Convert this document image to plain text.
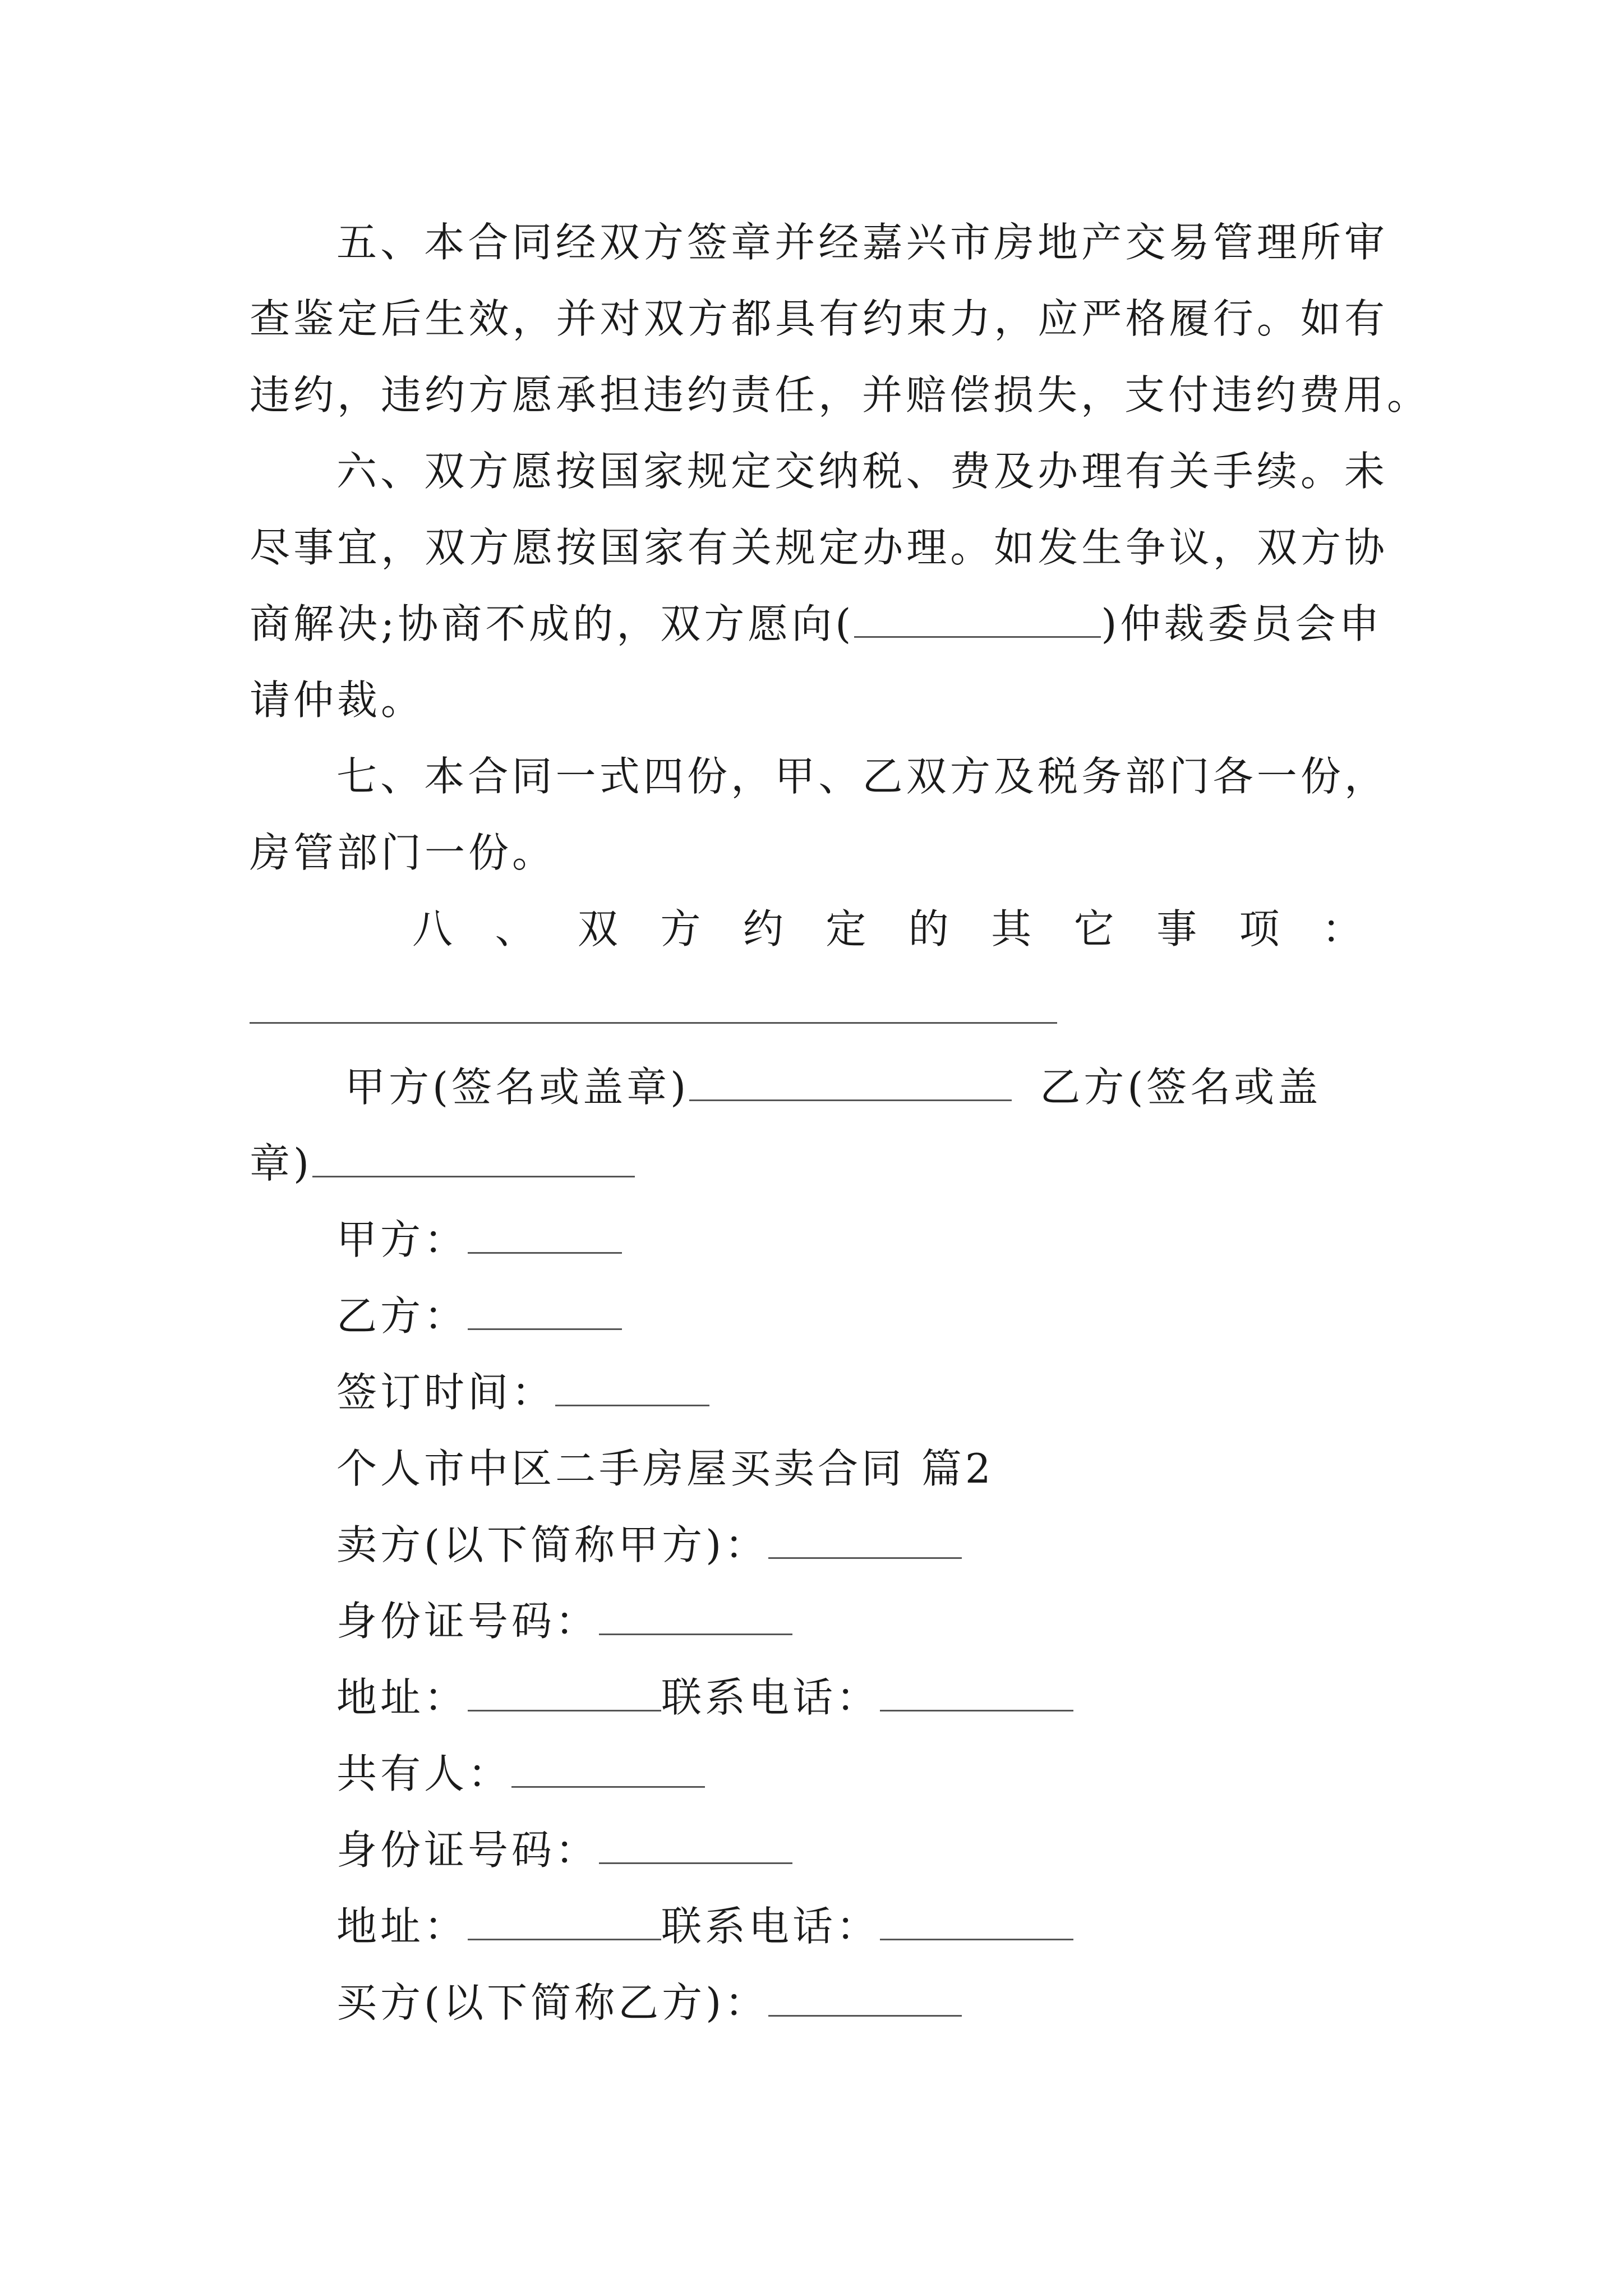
五、本合同经双方签章并经嘉兴市房地产交易管理所审
查鉴定后生效，并对双方都具有约束力，应严格履行。如有
违约，违约方愿承担违约责任，并赔偿损失，支付违约费用。
六、双方愿按国家规定交纳税、费及办理有关手续。未
尽事宜，双方愿按国家有关规定办理。如发生争议，双方协
商解决;协商不成的，双方愿向(	)仲裁委员会申
请仲裁。
七、本合同一式四份，甲、乙双方及税务部门各一份，
房管部门一份。
八、双方约定的其它事项：
甲方(签名或盖章)	乙方(签名或盖
章)
甲方：
乙方：
签订时间：
个人市中区二手房屋买卖合同 篇2
卖方(以下简称甲方)：
身份证号码：
地址：	联系电话：
共有人：
身份证号码：
地址：	联系电话：
买方(以下简称乙方)：
